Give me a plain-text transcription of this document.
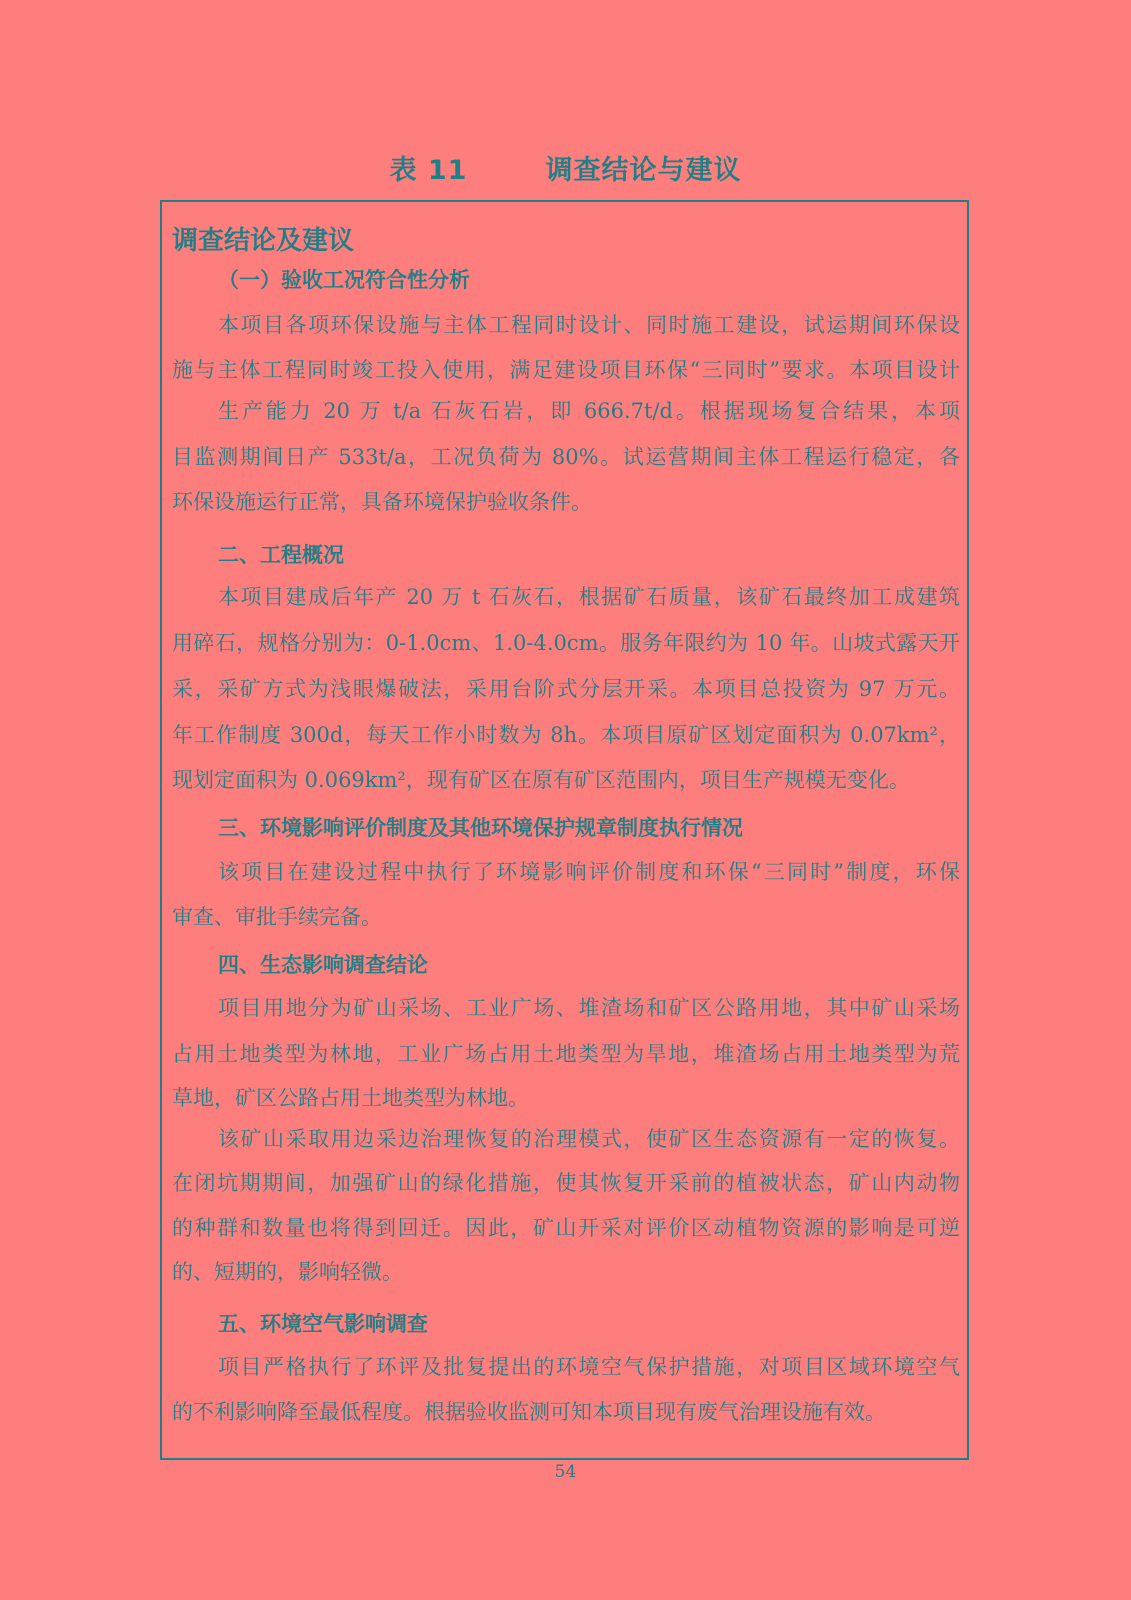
表 11	调查结论与建议
调查结论及建议
（一）验收工况符合性分析
本项目各项环保设施与主体工程同时设计、同时施工建设，试运期间环保设
施与主体工程同时竣工投入使用，满足建设项目环保“三同时”要求。本项目设计
生产能力 20 万 t/a 石灰石岩，即 666.7t/d。根据现场复合结果，本项
目监测期间日产 533t/a，工况负荷为 80%。试运营期间主体工程运行稳定，各
环保设施运行正常，具备环境保护验收条件。
二、工程概况
本项目建成后年产 20 万 t 石灰石，根据矿石质量，该矿石最终加工成建筑
用碎石，规格分别为：0-1.0cm、1.0-4.0cm。服务年限约为 10 年。山坡式露天开
采，采矿方式为浅眼爆破法，采用台阶式分层开采。本项目总投资为 97 万元。
年工作制度 300d，每天工作小时数为 8h。本项目原矿区划定面积为 0.07km²，
现划定面积为 0.069km²，现有矿区在原有矿区范围内，项目生产规模无变化。
三、环境影响评价制度及其他环境保护规章制度执行情况
该项目在建设过程中执行了环境影响评价制度和环保“三同时”制度，环保
审查、审批手续完备。
四、生态影响调查结论
项目用地分为矿山采场、工业广场、堆渣场和矿区公路用地，其中矿山采场
占用土地类型为林地，工业广场占用土地类型为旱地，堆渣场占用土地类型为荒
草地，矿区公路占用土地类型为林地。
该矿山采取用边采边治理恢复的治理模式，使矿区生态资源有一定的恢复。
在闭坑期期间，加强矿山的绿化措施，使其恢复开采前的植被状态，矿山内动物
的种群和数量也将得到回迁。因此，矿山开采对评价区动植物资源的影响是可逆
的、短期的，影响轻微。
五、环境空气影响调查
项目严格执行了环评及批复提出的环境空气保护措施，对项目区域环境空气
的不利影响降至最低程度。根据验收监测可知本项目现有废气治理设施有效。
54
